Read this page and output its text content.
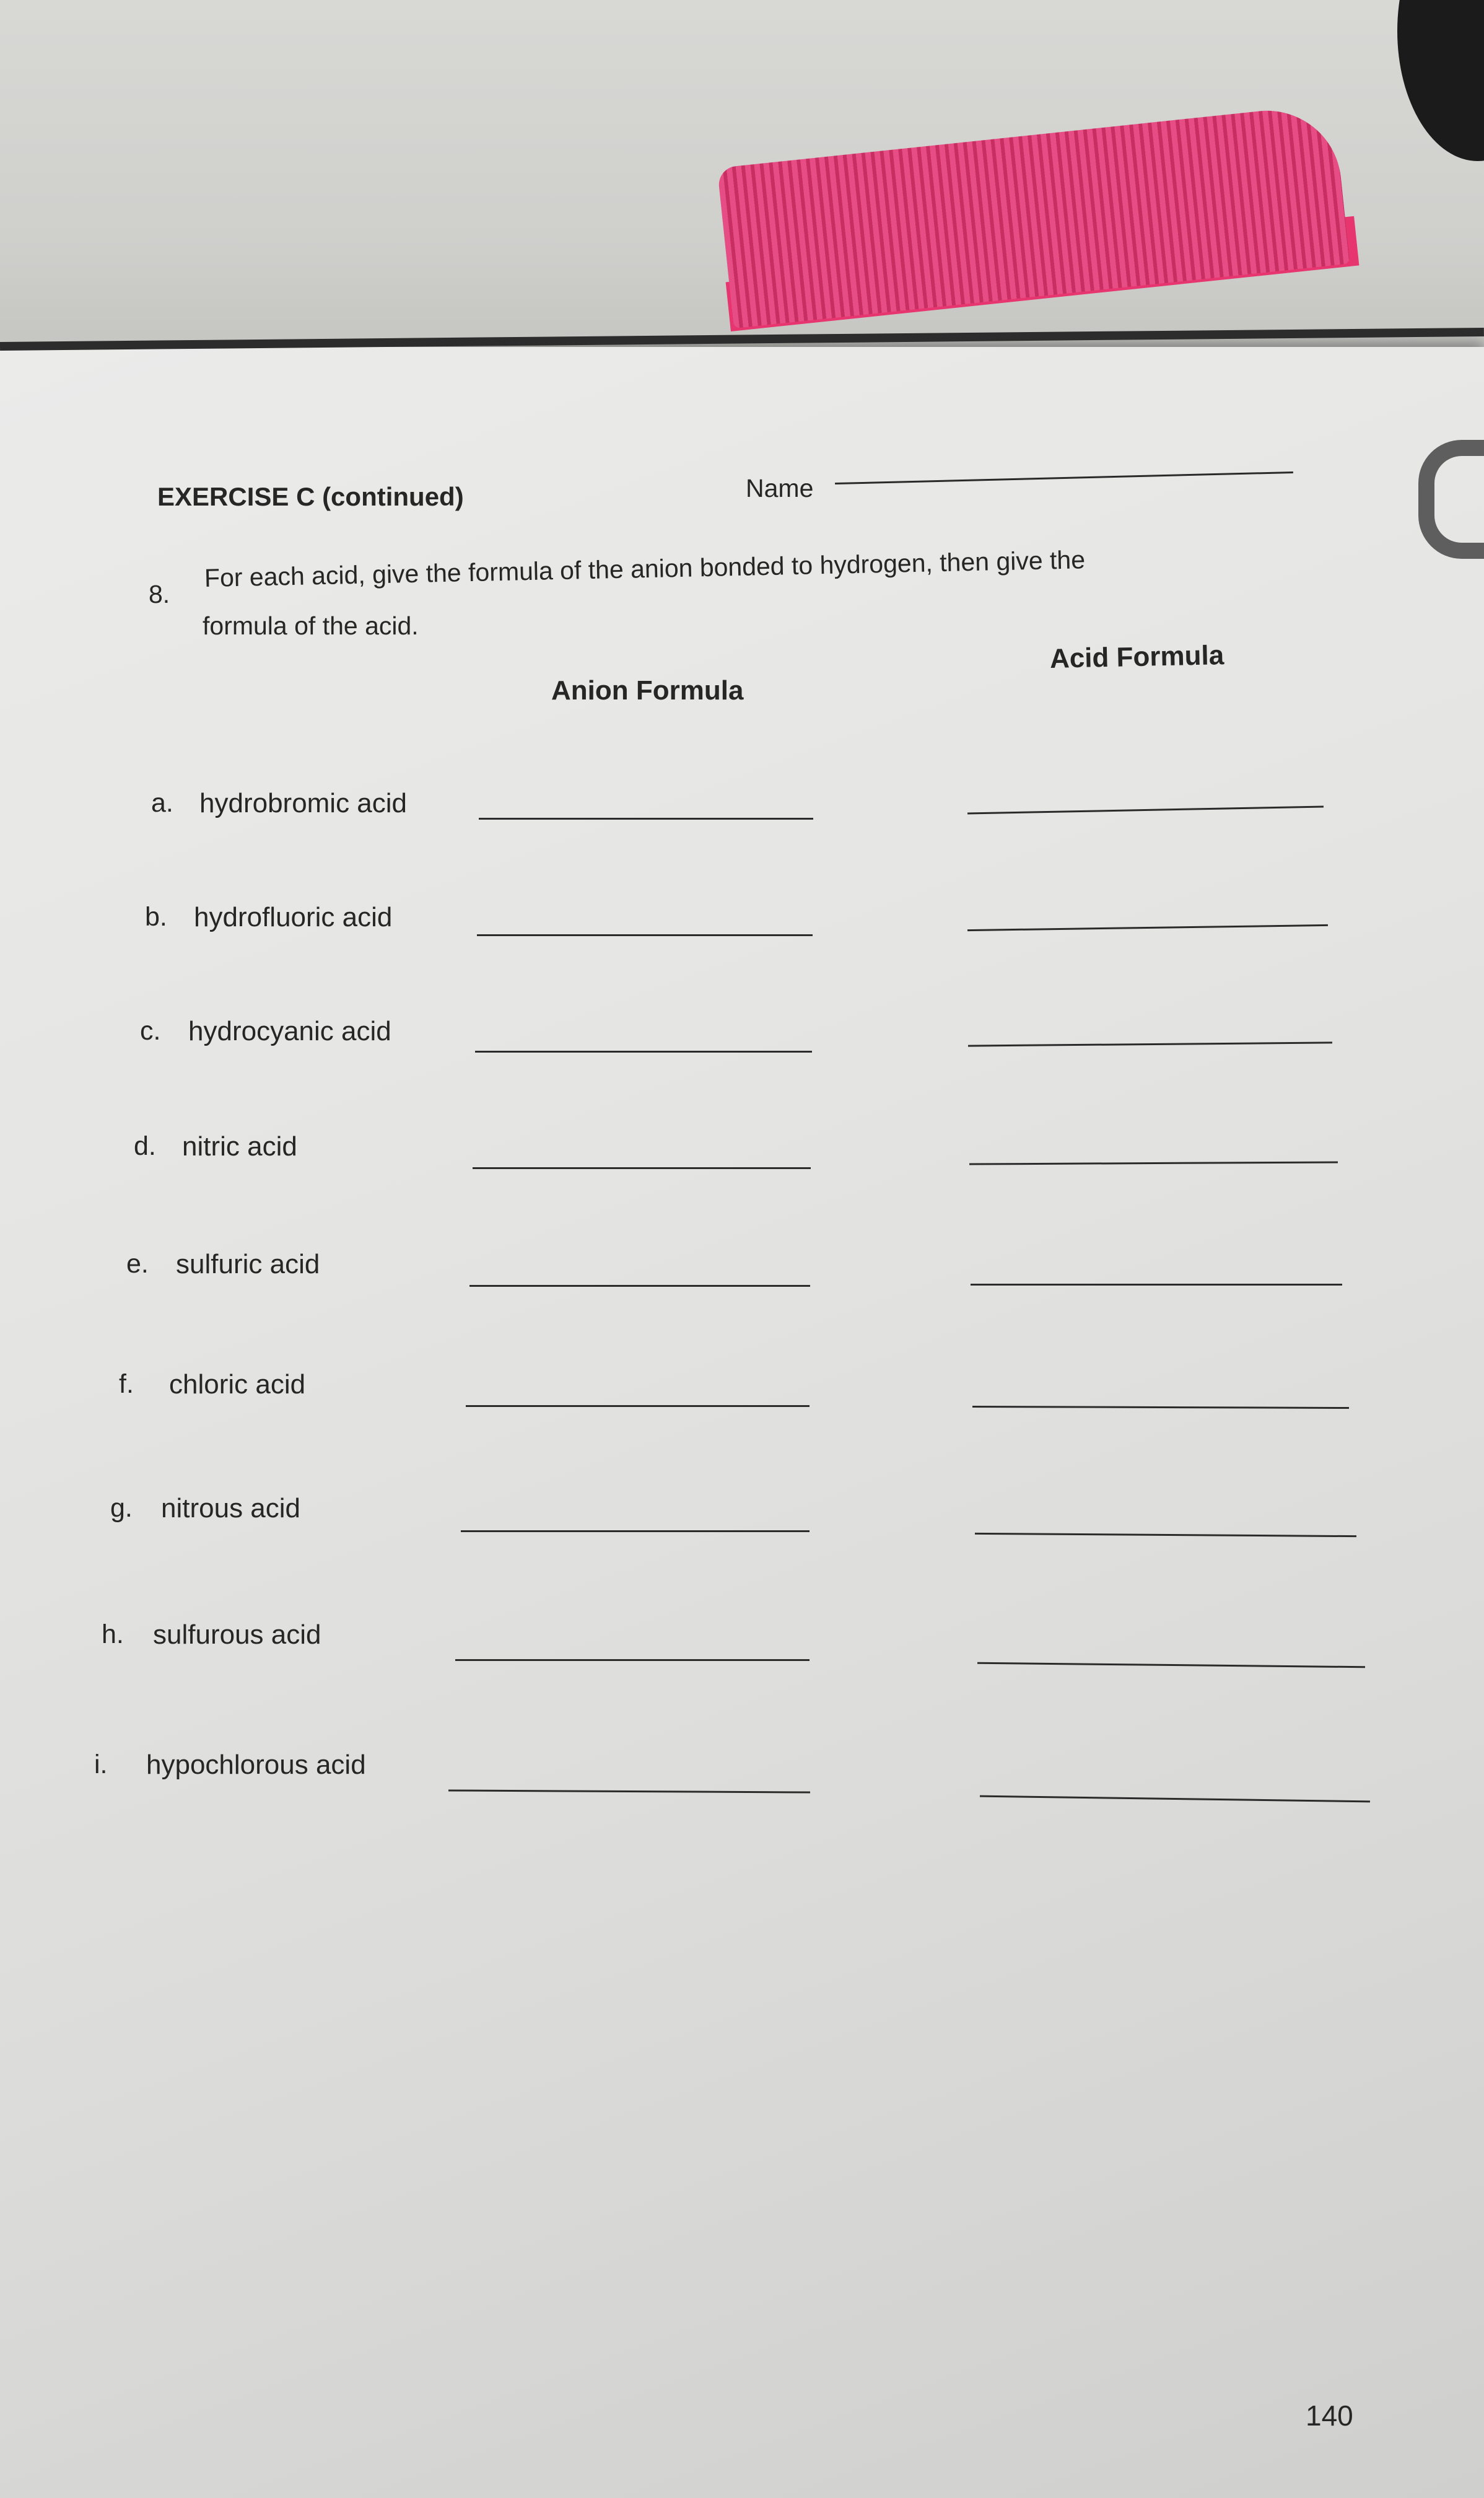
EXERCISE C (continued)	Name
8.
For each acid, give the formula of the anion bonded to hydrogen, then give the
formula of the acid.
Anion Formula
Acid Formula
a. hydrobromic acid
b. hydrofluoric acid
c. hydrocyanic acid
d. nitric acid
e. sulfuric acid
f. chloric acid
g. nitrous acid
h. sulfurous acid
i. hypochlorous acid
140
